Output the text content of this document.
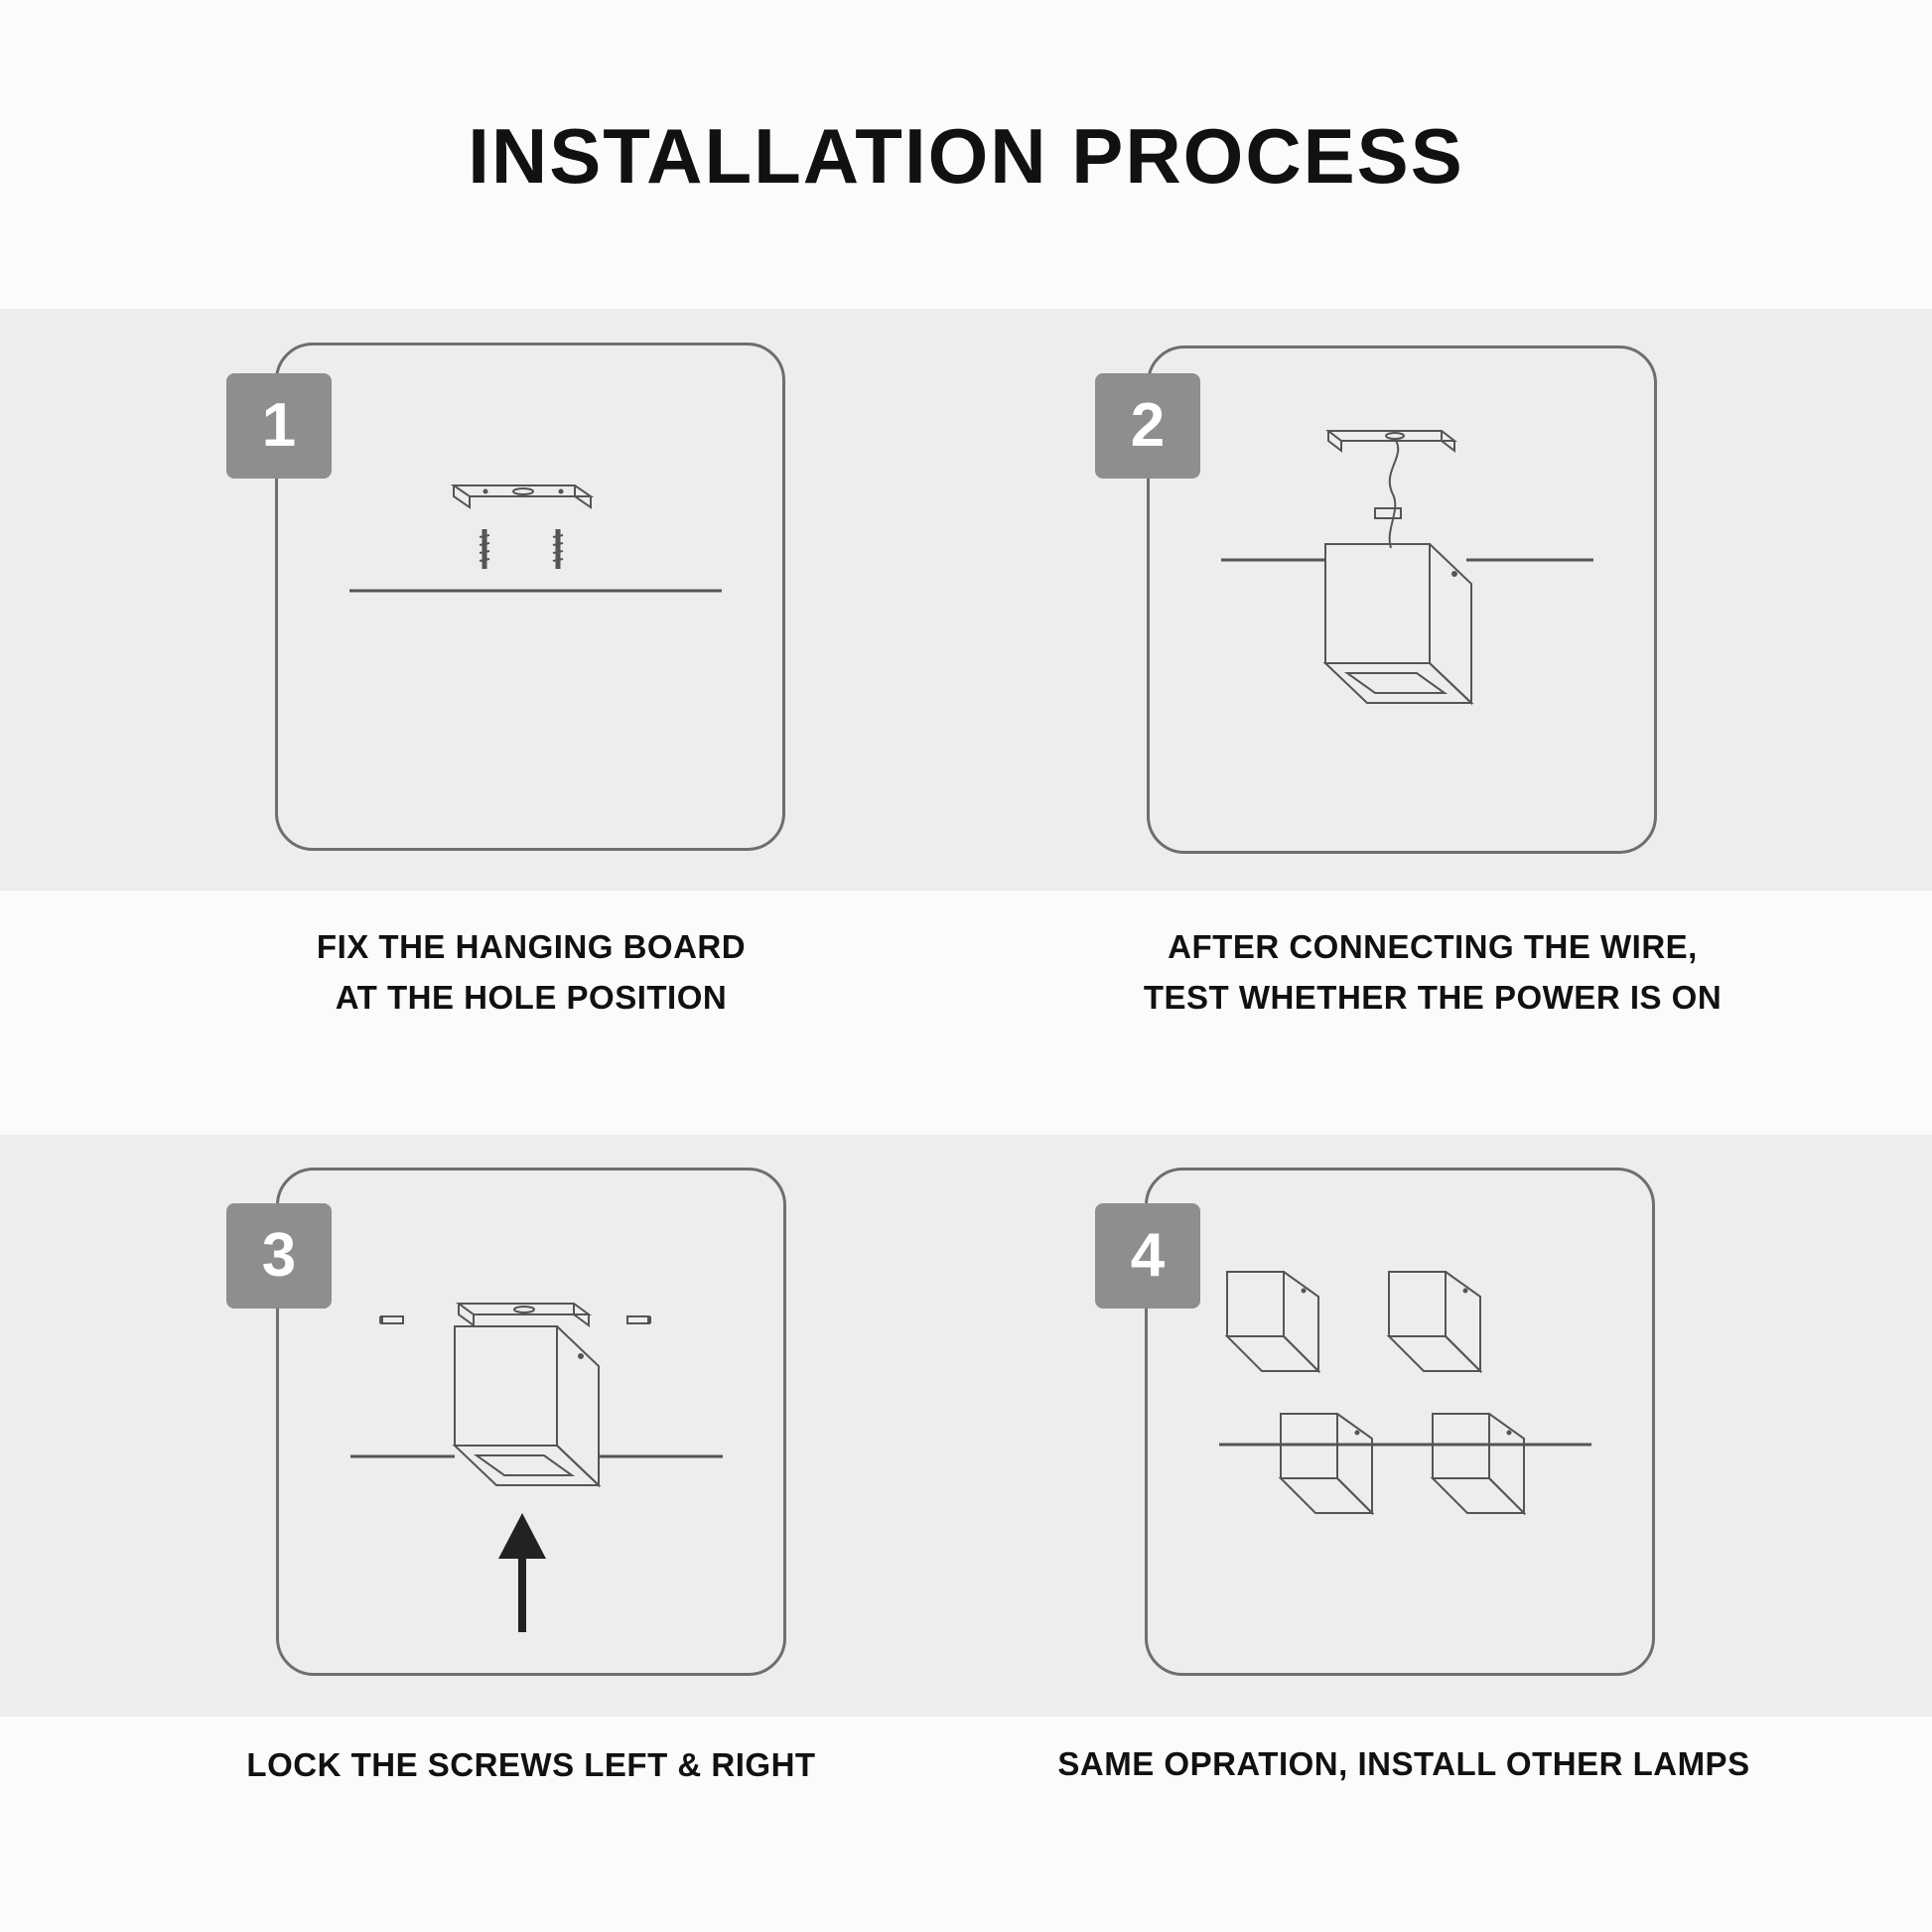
INSTALLATION PROCESS
1
FIX THE HANGING BOARD
AT THE HOLE POSITION
2
AFTER CONNECTING THE WIRE,
TEST WHETHER THE POWER IS ON
3
LOCK THE SCREWS LEFT & RIGHT
4
SAME OPRATION, INSTALL OTHER LAMPS
